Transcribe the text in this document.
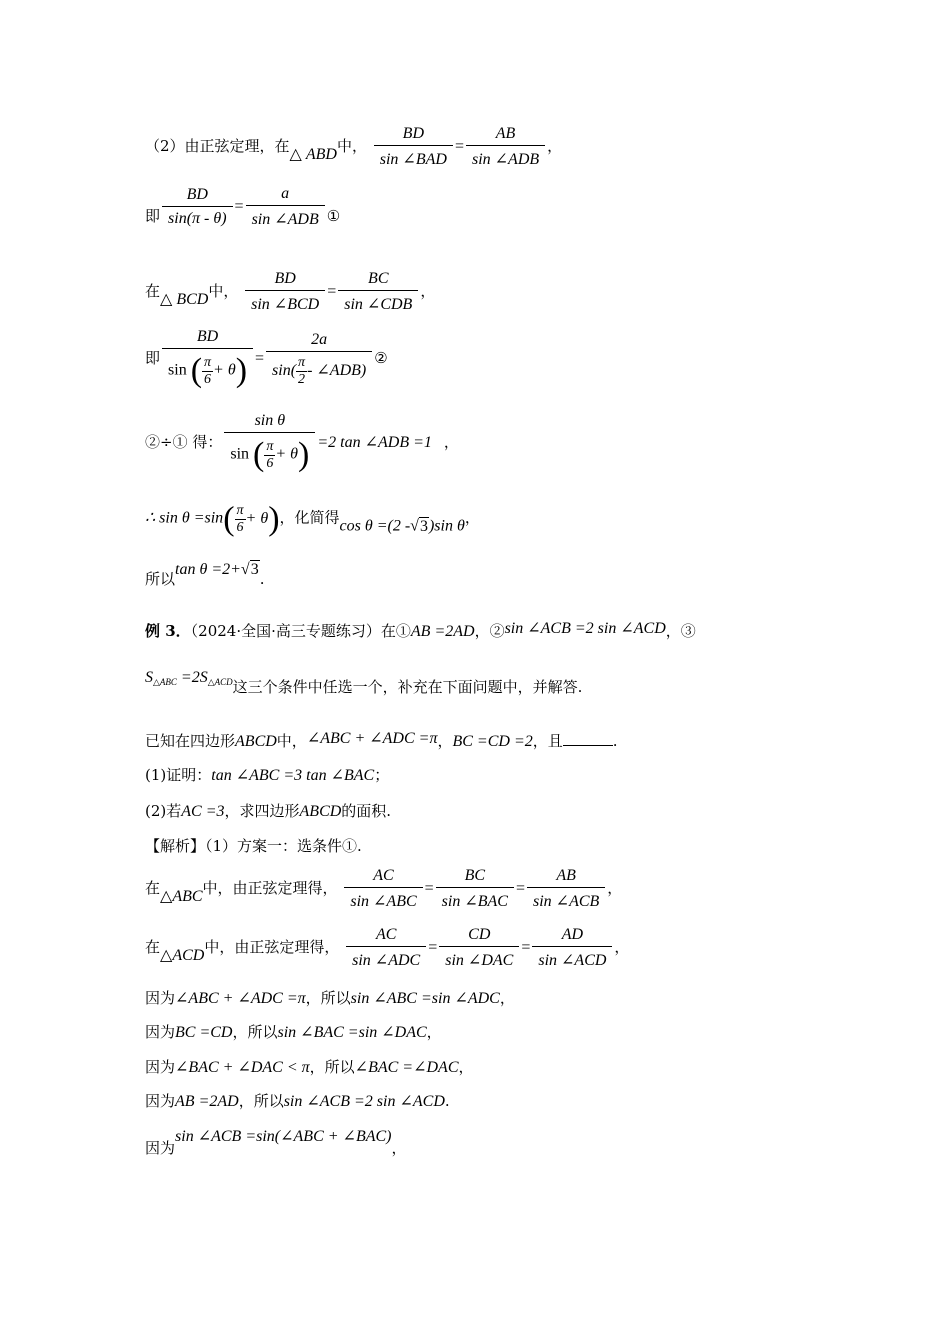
（2）由正弦定理，在△ ABD中， $\frac{BD}{\text{sin ∠BAD}} = \frac{AB}{\text{sin ∠ADB}}$ ，
即 $\frac{BD}{\sin(\pi - \theta)} = \frac{a}{\text{sin ∠ADB}}$ ①
在△ BCD中， $\frac{BD}{\text{sin ∠BCD}} = \frac{BC}{\text{sin ∠CDB}}$ ，
即 $\frac{BD}{\sin ( \frac{\pi}{6} + \theta)} = \frac{2a}{\sin( \frac{\pi}{2} - \angle ADB)}$ ②
②÷① 得： $\frac{\text{sin θ}}{\sin ( \frac{\pi}{6} + \theta)} =2$ tan ∠ADB =1 ，
∴ $\sin \theta =\sin( \frac{\pi}{6} + \theta)$，化简得cos θ =(2 -√3)sin θ，
所以tan θ =2+√3.
例 3．（2024·全国·高三专题练习）在①AB =2AD，②sin ∠ACB =2 sin ∠ACD，③
$S_{\triangle ABC} =2S_{\triangle ACD}$这三个条件中任选一个，补充在下面问题中，并解答.
已知在四边形ABCD中，∠ABC + ∠ADC =π，BC =CD =2，且	.
(1)证明：tan ∠ABC =3 tan ∠BAC；
(2)若AC =3，求四边形ABCD的面积.
【解析】（1）方案一：选条件①.
在△ABC中，由正弦定理得， $\frac{AC}{\text{sin ∠ABC}} = \frac{BC}{\text{sin ∠BAC}} = \frac{AB}{\text{sin ∠ACB}}$ ，
在△ACD中，由正弦定理得， $\frac{AC}{\text{sin ∠ADC}} = \frac{CD}{\text{sin ∠DAC}} = \frac{AD}{\text{sin ∠ACD}}$ ，
因为∠ABC + ∠ADC =π，所以sin ∠ABC =sin ∠ADC，
因为BC =CD，所以sin ∠BAC =sin ∠DAC，
因为∠BAC + ∠DAC < π，所以∠BAC =∠DAC，
因为AB =2AD，所以sin ∠ACB =2 sin ∠ACD.
因为sin ∠ACB =sin(∠ABC + ∠BAC)，
